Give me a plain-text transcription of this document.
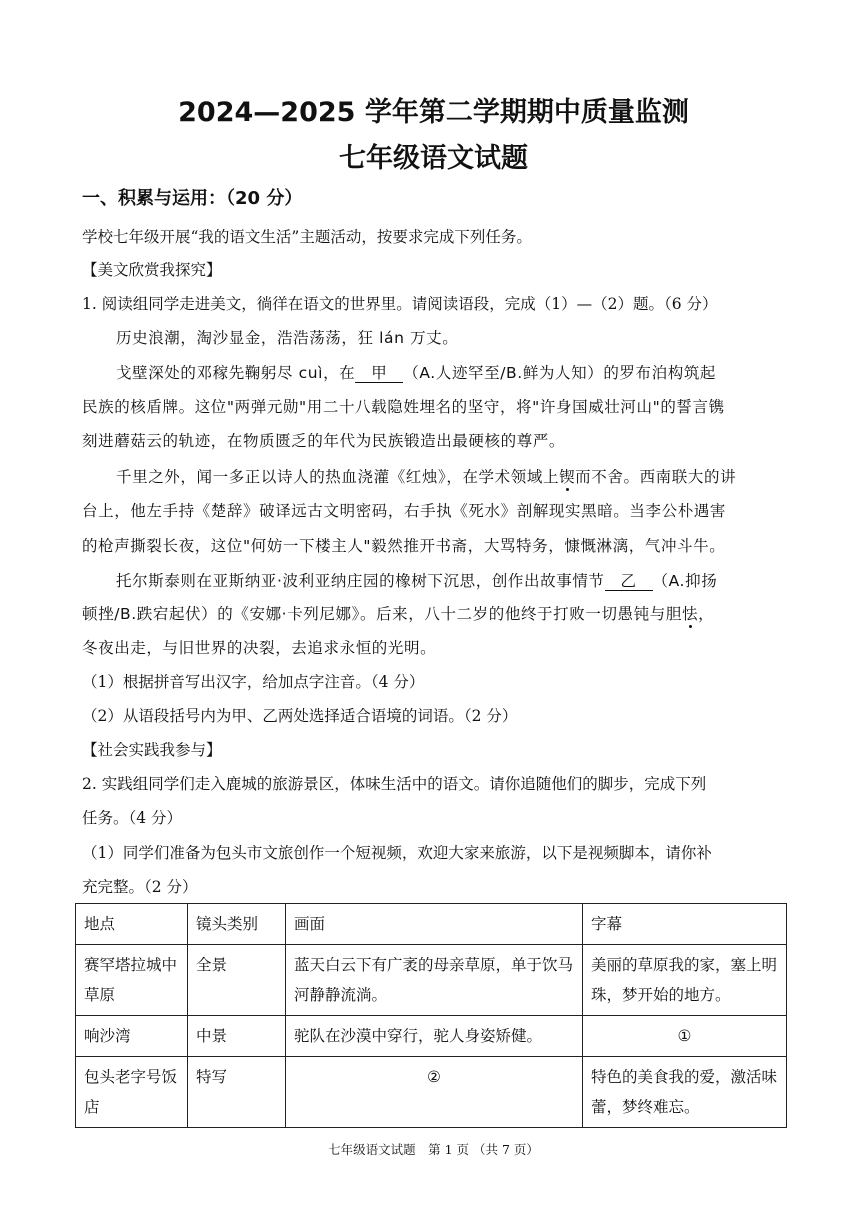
2024—2025 学年第二学期期中质量监测
七年级语文试题
一、积累与运用：（20 分）
学校七年级开展“我的语文生活”主题活动，按要求完成下列任务。
【美文欣赏我探究】
1. 阅读组同学走进美文，徜徉在语文的世界里。请阅读语段，完成（1）—（2）题。（6 分）
历史浪潮，淘沙显金，浩浩荡荡，狂 lán 万丈。
戈壁深处的邓稼先鞠躬尽 cuì，在 甲 （A.人迹罕至/B.鲜为人知）的罗布泊构筑起
民族的核盾牌。这位"两弹元勋"用二十八载隐姓埋名的坚守，将"许身国威壮河山"的誓言镌
刻进蘑菇云的轨迹，在物质匮乏的年代为民族锻造出最硬核的尊严。
千里之外，闻一多正以诗人的热血浇灌《红烛》，在学术领域上锲而不舍。西南联大的讲
台上，他左手持《楚辞》破译远古文明密码，右手执《死水》剖解现实黑暗。当李公朴遇害
的枪声撕裂长夜，这位"何妨一下楼主人"毅然推开书斋，大骂特务，慷慨淋漓，气冲斗牛。
托尔斯泰则在亚斯纳亚·波利亚纳庄园的橡树下沉思，创作出故事情节 乙 （A.抑扬
顿挫/B.跌宕起伏）的《安娜·卡列尼娜》。后来，八十二岁的他终于打败一切愚钝与胆怯，
冬夜出走，与旧世界的决裂，去追求永恒的光明。
（1）根据拼音写出汉字，给加点字注音。（4 分）
（2）从语段括号内为甲、乙两处选择适合语境的词语。（2 分）
【社会实践我参与】
2. 实践组同学们走入鹿城的旅游景区，体味生活中的语文。请你追随他们的脚步，完成下列
任务。（4 分）
（1）同学们准备为包头市文旅创作一个短视频，欢迎大家来旅游，以下是视频脚本，请你补
充完整。（2 分）
地点	镜头类别	画面	字幕
赛罕塔拉城中草原	全景	蓝天白云下有广袤的母亲草原，单于饮马河静静流淌。	美丽的草原我的家，塞上明珠，梦开始的地方。
响沙湾	中景	驼队在沙漠中穿行，驼人身姿矫健。	①
包头老字号饭店	特写	②	特色的美食我的爱，激活味蕾，梦终难忘。
七年级语文试题　第 1 页 （共 7 页）
